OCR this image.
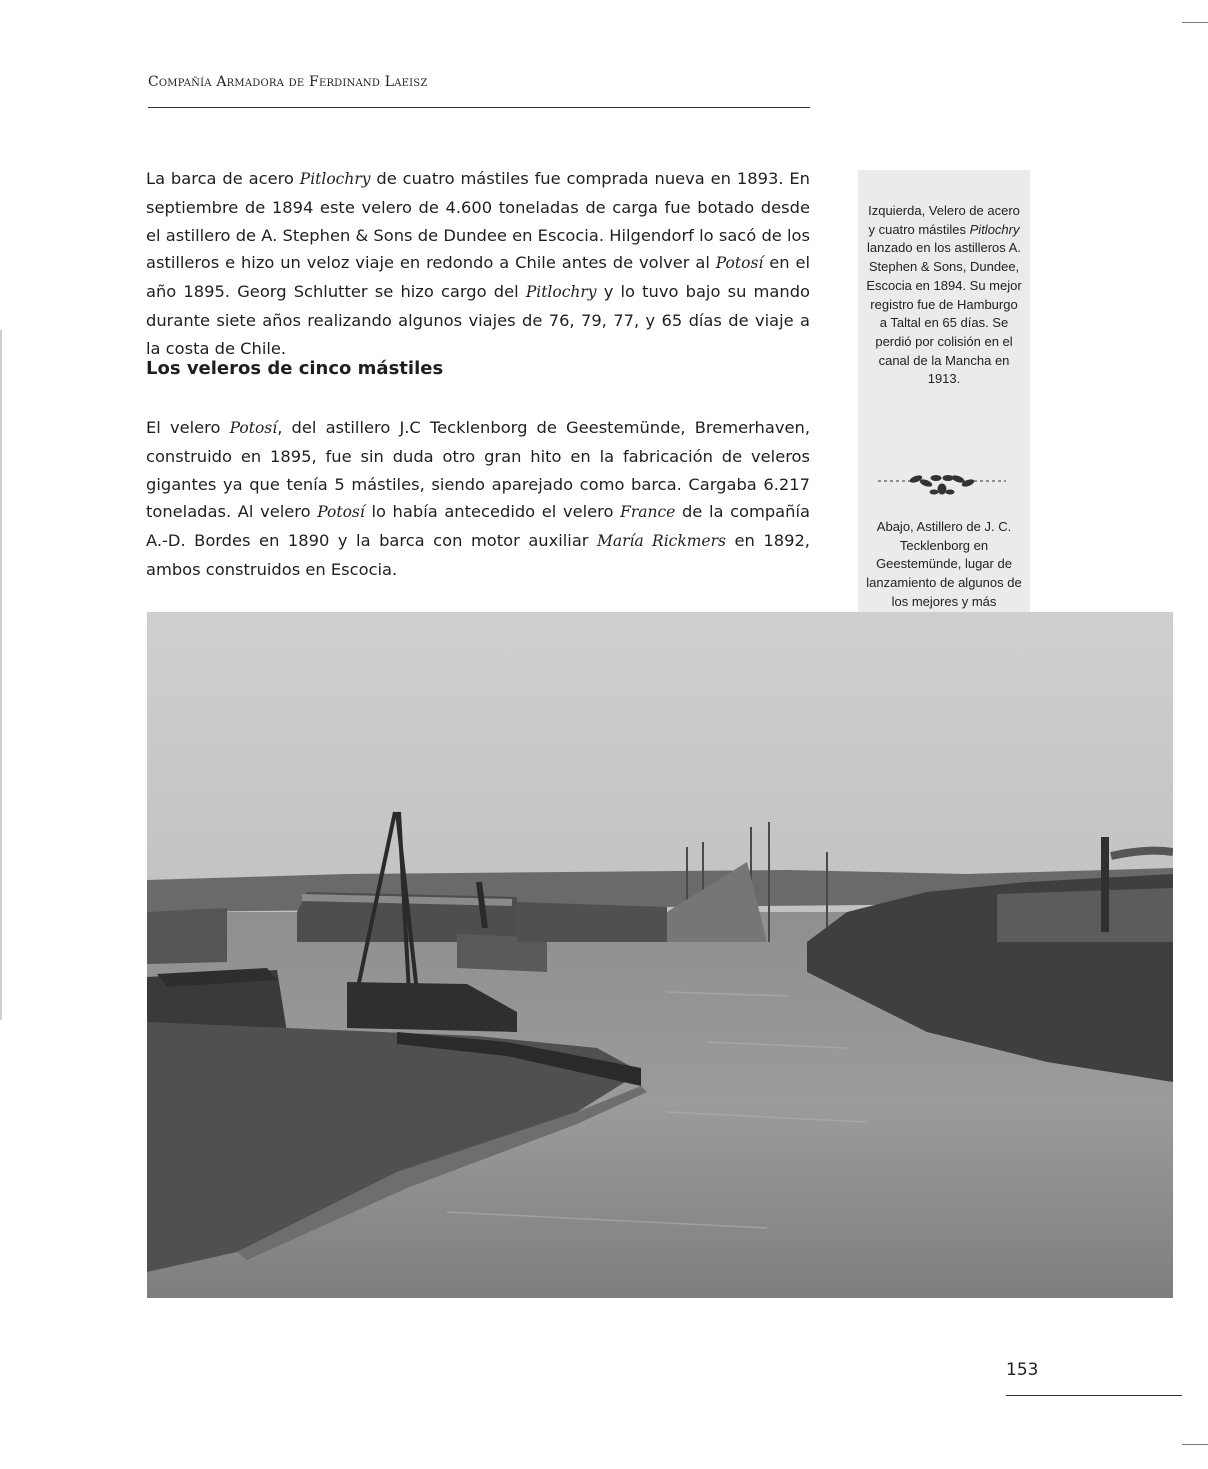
Compañía Armadora de Ferdinand Laeisz

La barca de acero Pitlochry de cuatro mástiles fue comprada nueva en 1893. En septiembre de 1894 este velero de 4.600 toneladas de carga fue botado desde el astillero de A. Stephen & Sons de Dundee en Escocia. Hilgendorf lo sacó de los astilleros e hizo un veloz viaje en redondo a Chile antes de volver al Potosí en el año 1895. Georg Schlutter se hizo cargo del Pitlochry y lo tuvo bajo su mando durante siete años realizando algunos viajes de 76, 79, 77, y 65 días de viaje a la costa de Chile.

Los veleros de cinco mástiles

El velero Potosí, del astillero J.C Tecklenborg de Geestemünde, Bremerhaven, construido en 1895, fue sin duda otro gran hito en la fabricación de veleros gigantes ya que tenía 5 mástiles, siendo aparejado como barca. Cargaba 6.217 toneladas. Al velero Potosí lo había antecedido el velero France de la compañía A.-D. Bordes en 1890 y la barca con motor auxiliar María Rickmers en 1892, ambos construidos en Escocia.

Izquierda, Velero de acero y cuatro mástiles Pitlochry lanzado en los astilleros A. Stephen & Sons, Dundee, Escocia en 1894. Su mejor registro fue de Hamburgo a Taltal en 65 días. Se perdió por colisión en el canal de la Mancha en 1913.

Abajo, Astillero de J. C. Tecklenborg en Geestemünde, lugar de lanzamiento de algunos de los mejores y más

153
